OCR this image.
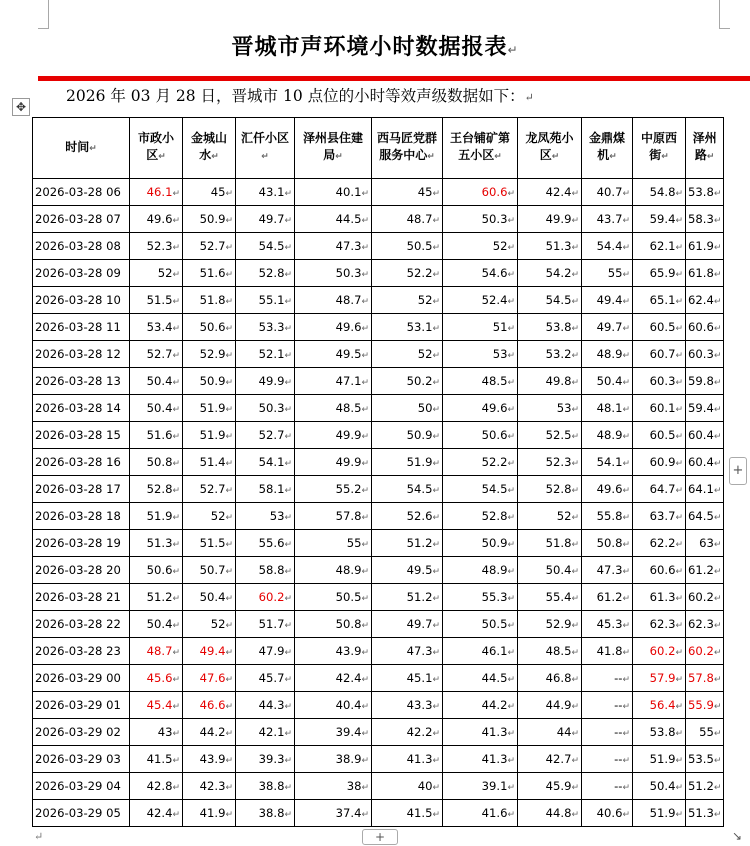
晋城市声环境小时数据报表↵
2026 年 03 月 28 日，晋城市 10 点位的小时等效声级数据如下：↵
✥
时间↵	市政小区↵	金城山水↵	汇仟小区↵	泽州县住建局↵	西马匠党群服务中心↵	王台铺矿第五小区↵	龙凤苑小区↵	金鼎煤机↵	中原西街↵	泽州路↵
2026-03-28 06	46.1↵	45↵	43.1↵	40.1↵	45↵	60.6↵	42.4↵	40.7↵	54.8↵	53.8↵
2026-03-28 07	49.6↵	50.9↵	49.7↵	44.5↵	48.7↵	50.3↵	49.9↵	43.7↵	59.4↵	58.3↵
2026-03-28 08	52.3↵	52.7↵	54.5↵	47.3↵	50.5↵	52↵	51.3↵	54.4↵	62.1↵	61.9↵
2026-03-28 09	52↵	51.6↵	52.8↵	50.3↵	52.2↵	54.6↵	54.2↵	55↵	65.9↵	61.8↵
2026-03-28 10	51.5↵	51.8↵	55.1↵	48.7↵	52↵	52.4↵	54.5↵	49.4↵	65.1↵	62.4↵
2026-03-28 11	53.4↵	50.6↵	53.3↵	49.6↵	53.1↵	51↵	53.8↵	49.7↵	60.5↵	60.6↵
2026-03-28 12	52.7↵	52.9↵	52.1↵	49.5↵	52↵	53↵	53.2↵	48.9↵	60.7↵	60.3↵
2026-03-28 13	50.4↵	50.9↵	49.9↵	47.1↵	50.2↵	48.5↵	49.8↵	50.4↵	60.3↵	59.8↵
2026-03-28 14	50.4↵	51.9↵	50.3↵	48.5↵	50↵	49.6↵	53↵	48.1↵	60.1↵	59.4↵
2026-03-28 15	51.6↵	51.9↵	52.7↵	49.9↵	50.9↵	50.6↵	52.5↵	48.9↵	60.5↵	60.4↵
2026-03-28 16	50.8↵	51.4↵	54.1↵	49.9↵	51.9↵	52.2↵	52.3↵	54.1↵	60.9↵	60.4↵
2026-03-28 17	52.8↵	52.7↵	58.1↵	55.2↵	54.5↵	54.5↵	52.8↵	49.6↵	64.7↵	64.1↵
2026-03-28 18	51.9↵	52↵	53↵	57.8↵	52.6↵	52.8↵	52↵	55.8↵	63.7↵	64.5↵
2026-03-28 19	51.3↵	51.5↵	55.6↵	55↵	51.2↵	50.9↵	51.8↵	50.8↵	62.2↵	63↵
2026-03-28 20	50.6↵	50.7↵	58.8↵	48.9↵	49.5↵	48.9↵	50.4↵	47.3↵	60.6↵	61.2↵
2026-03-28 21	51.2↵	50.4↵	60.2↵	50.5↵	51.2↵	55.3↵	55.4↵	61.2↵	61.3↵	60.2↵
2026-03-28 22	50.4↵	52↵	51.7↵	50.8↵	49.7↵	50.5↵	52.9↵	45.3↵	62.3↵	62.3↵
2026-03-28 23	48.7↵	49.4↵	47.9↵	43.9↵	47.3↵	46.1↵	48.5↵	41.8↵	60.2↵	60.2↵
2026-03-29 00	45.6↵	47.6↵	45.7↵	42.4↵	45.1↵	44.5↵	46.8↵	--↵	57.9↵	57.8↵
2026-03-29 01	45.4↵	46.6↵	44.3↵	40.4↵	43.3↵	44.2↵	44.9↵	--↵	56.4↵	55.9↵
2026-03-29 02	43↵	44.2↵	42.1↵	39.4↵	42.2↵	41.3↵	44↵	--↵	53.8↵	55↵
2026-03-29 03	41.5↵	43.9↵	39.3↵	38.9↵	41.3↵	41.3↵	42.7↵	--↵	51.9↵	53.5↵
2026-03-29 04	42.8↵	42.3↵	38.8↵	38↵	40↵	39.1↵	45.9↵	--↵	50.4↵	51.2↵
2026-03-29 05	42.4↵	41.9↵	38.8↵	37.4↵	41.5↵	41.6↵	44.8↵	40.6↵	51.9↵	51.3↵
+
+	↘
↵
